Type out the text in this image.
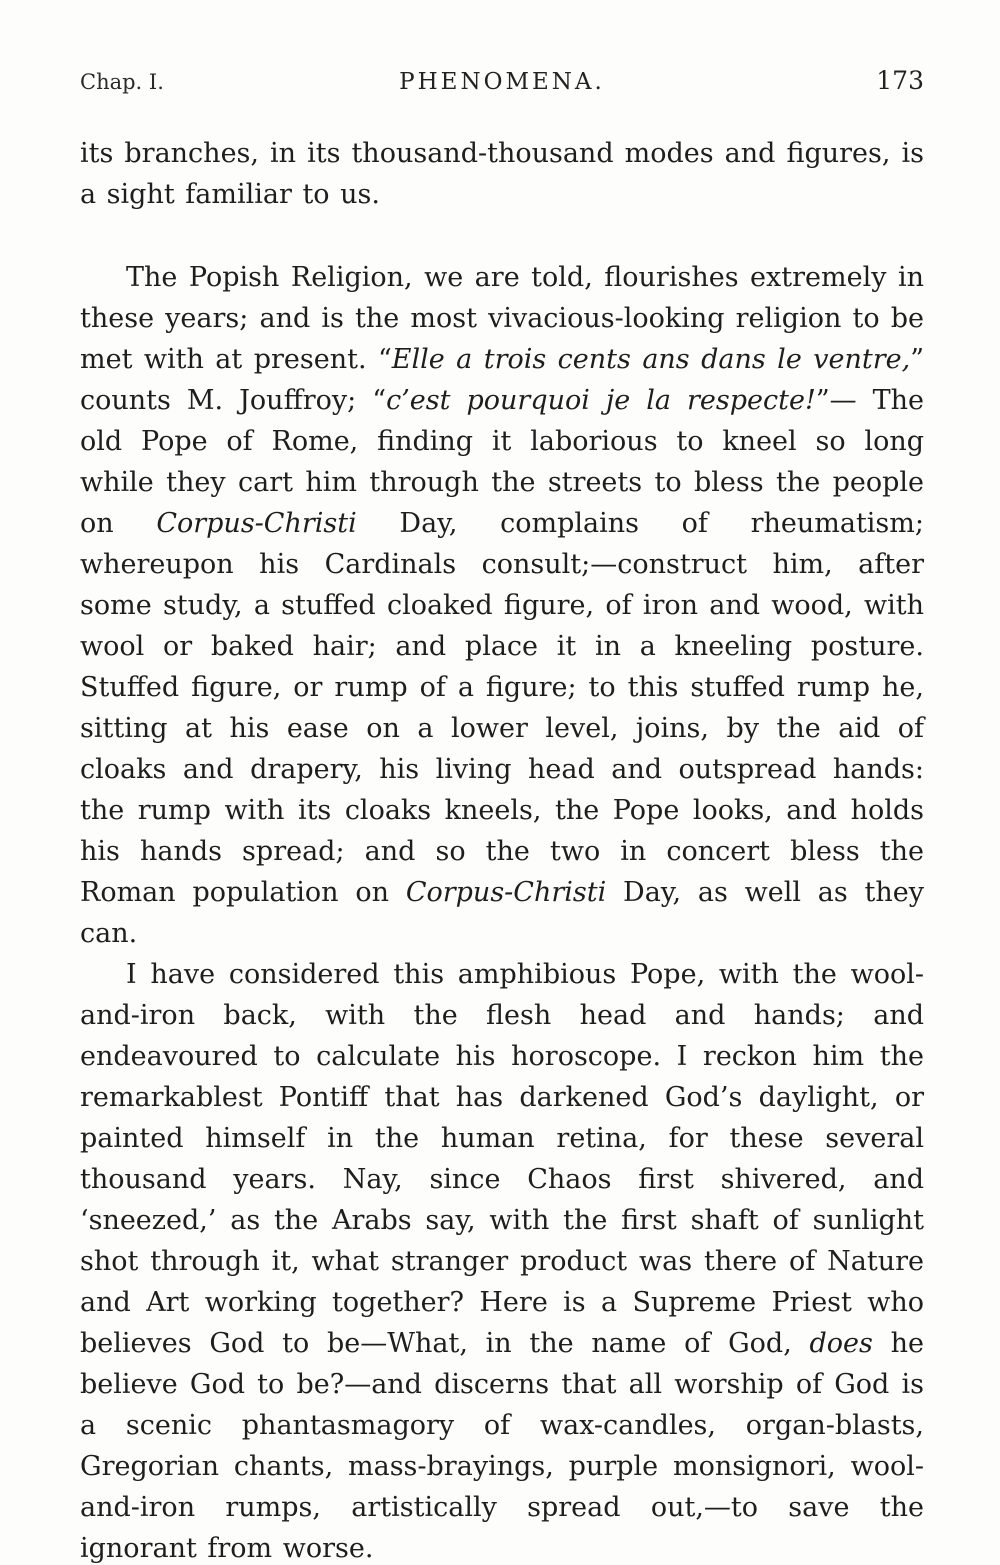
Chap. I.	PHENOMENA.	173

its branches, in its thousand-thousand modes and figures, is a sight familiar to us.

The Popish Religion, we are told, flourishes extremely in these years; and is the most vivacious-looking religion to be met with at present. “Elle a trois cents ans dans le ventre,” counts M. Jouffroy; “c’est pourquoi je la respecte!”— The old Pope of Rome, finding it laborious to kneel so long while they cart him through the streets to bless the people on Corpus-Christi Day, complains of rheumatism; whereupon his Cardinals consult;—construct him, after some study, a stuffed cloaked figure, of iron and wood, with wool or baked hair; and place it in a kneeling posture. Stuffed figure, or rump of a figure; to this stuffed rump he, sitting at his ease on a lower level, joins, by the aid of cloaks and drapery, his living head and outspread hands: the rump with its cloaks kneels, the Pope looks, and holds his hands spread; and so the two in concert bless the Roman population on Corpus-Christi Day, as well as they can.

I have considered this amphibious Pope, with the wool-and-iron back, with the flesh head and hands; and endeavoured to calculate his horoscope. I reckon him the remarkablest Pontiff that has darkened God’s daylight, or painted himself in the human retina, for these several thousand years. Nay, since Chaos first shivered, and ‘sneezed,’ as the Arabs say, with the first shaft of sunlight shot through it, what stranger product was there of Nature and Art working together? Here is a Supreme Priest who believes God to be—What, in the name of God, does he believe God to be?—and discerns that all worship of God is a scenic phantasmagory of wax-candles, organ-blasts, Gregorian chants, mass-brayings, purple monsignori, wool-and-iron rumps, artistically spread out,—to save the ignorant from worse.
